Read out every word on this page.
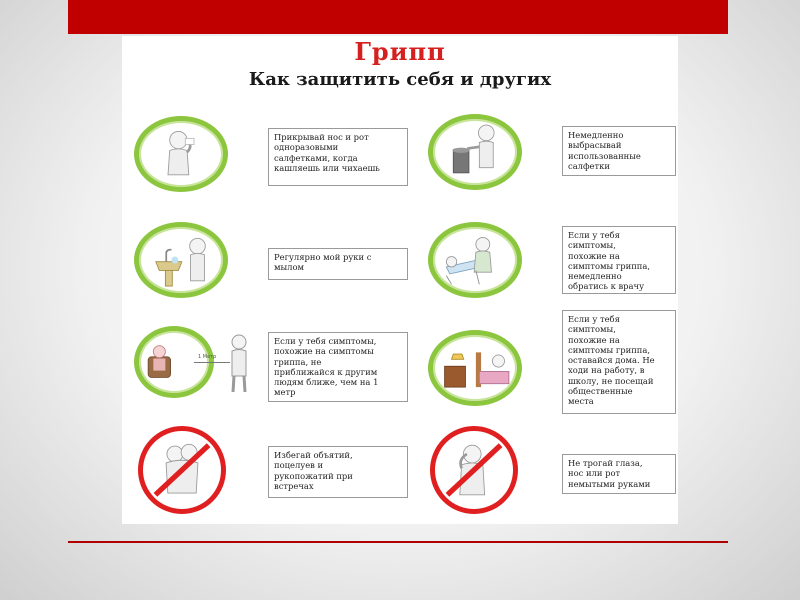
Грипп
Как защитить себя и других
Прикрывай нос и рот
одноразовыми
салфетками, когда
кашляешь или чихаешь
Немедленно
выбрасывай
использованные
салфетки
Регулярно мой руки с
мылом
Если у тебя
симптомы,
похожие на
симптомы гриппа,
немедленно
обратись к врачу
1 Метр
Если у тебя симптомы,
похожие на симптомы
гриппа, не
приближайся к другим
людям ближе, чем на 1
метр
Если у тебя
симптомы,
похожие на
симптомы гриппа,
оставайся дома. Не
ходи на работу, в
школу, не посещай
общественные
места
Избегай объятий,
поцелуев и
рукопожатий при
встречах
Не трогай глаза,
нос или рот
немытыми руками
